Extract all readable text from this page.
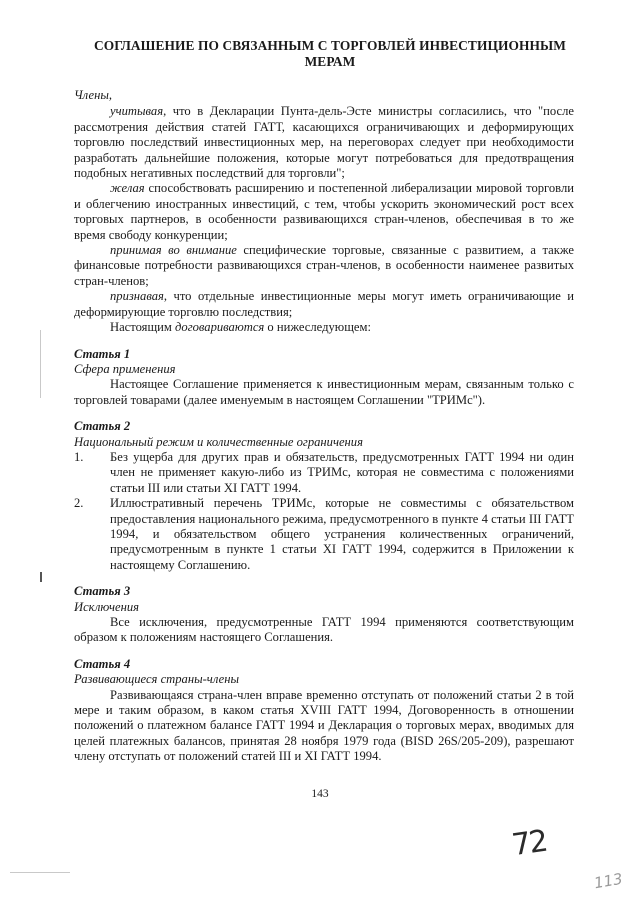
СОГЛАШЕНИЕ ПО СВЯЗАННЫМ С ТОРГОВЛЕЙ ИНВЕСТИЦИОННЫМ МЕРАМ

Члены,

учитывая, что в Декларации Пунта-дель-Эсте министры согласились, что "после рассмотрения действия статей ГАТТ, касающихся ограничивающих и деформирующих торговлю последствий инвестиционных мер, на переговорах следует при необходимости разработать дальнейшие положения, которые могут потребоваться для предотвращения подобных негативных последствий для торговли";

желая способствовать расширению и постепенной либерализации мировой торговли и облегчению иностранных инвестиций, с тем, чтобы ускорить экономический рост всех торговых партнеров, в особенности развивающихся стран-членов, обеспечивая в то же время свободу конкуренции;

принимая во внимание специфические торговые, связанные с развитием, а также финансовые потребности развивающихся стран-членов, в особенности наименее развитых стран-членов;

признавая, что отдельные инвестиционные меры могут иметь ограничивающие и деформирующие торговлю последствия;

Настоящим договариваются о нижеследующем:

Статья 1

Сфера применения

Настоящее Соглашение применяется к инвестиционным мерам, связанным только с торговлей товарами (далее именуемым в настоящем Соглашении "ТРИМс").

Статья 2

Национальный режим и количественные ограничения

1.	Без ущерба для других прав и обязательств, предусмотренных ГАТТ 1994 ни один член не применяет какую-либо из ТРИМс, которая не совместима с положениями статьи III или статьи XI ГАТТ 1994.
2.	Иллюстративный перечень ТРИМс, которые не совместимы с обязательством предоставления национального режима, предусмотренного в пункте 4 статьи III ГАТТ 1994, и обязательством общего устранения количественных ограничений, предусмотренным в пункте 1 статьи XI ГАТТ 1994, содержится в Приложении к настоящему Соглашению.

Статья 3

Исключения

Все исключения, предусмотренные ГАТТ 1994 применяются соответствующим образом к положениям настоящего Соглашения.

Статья 4

Развивающиеся страны-члены

Развивающаяся страна-член вправе временно отступать от положений статьи 2 в той мере и таким образом, в каком статья XVIII ГАТТ 1994, Договоренность в отношении положений о платежном балансе ГАТТ 1994 и Декларация о торговых мерах, вводимых для целей платежных балансов, принятая 28 ноября 1979 года (BISD 26S/205-209), разрешают члену отступать от положений статей III и XI ГАТТ 1994.

143
72
113
